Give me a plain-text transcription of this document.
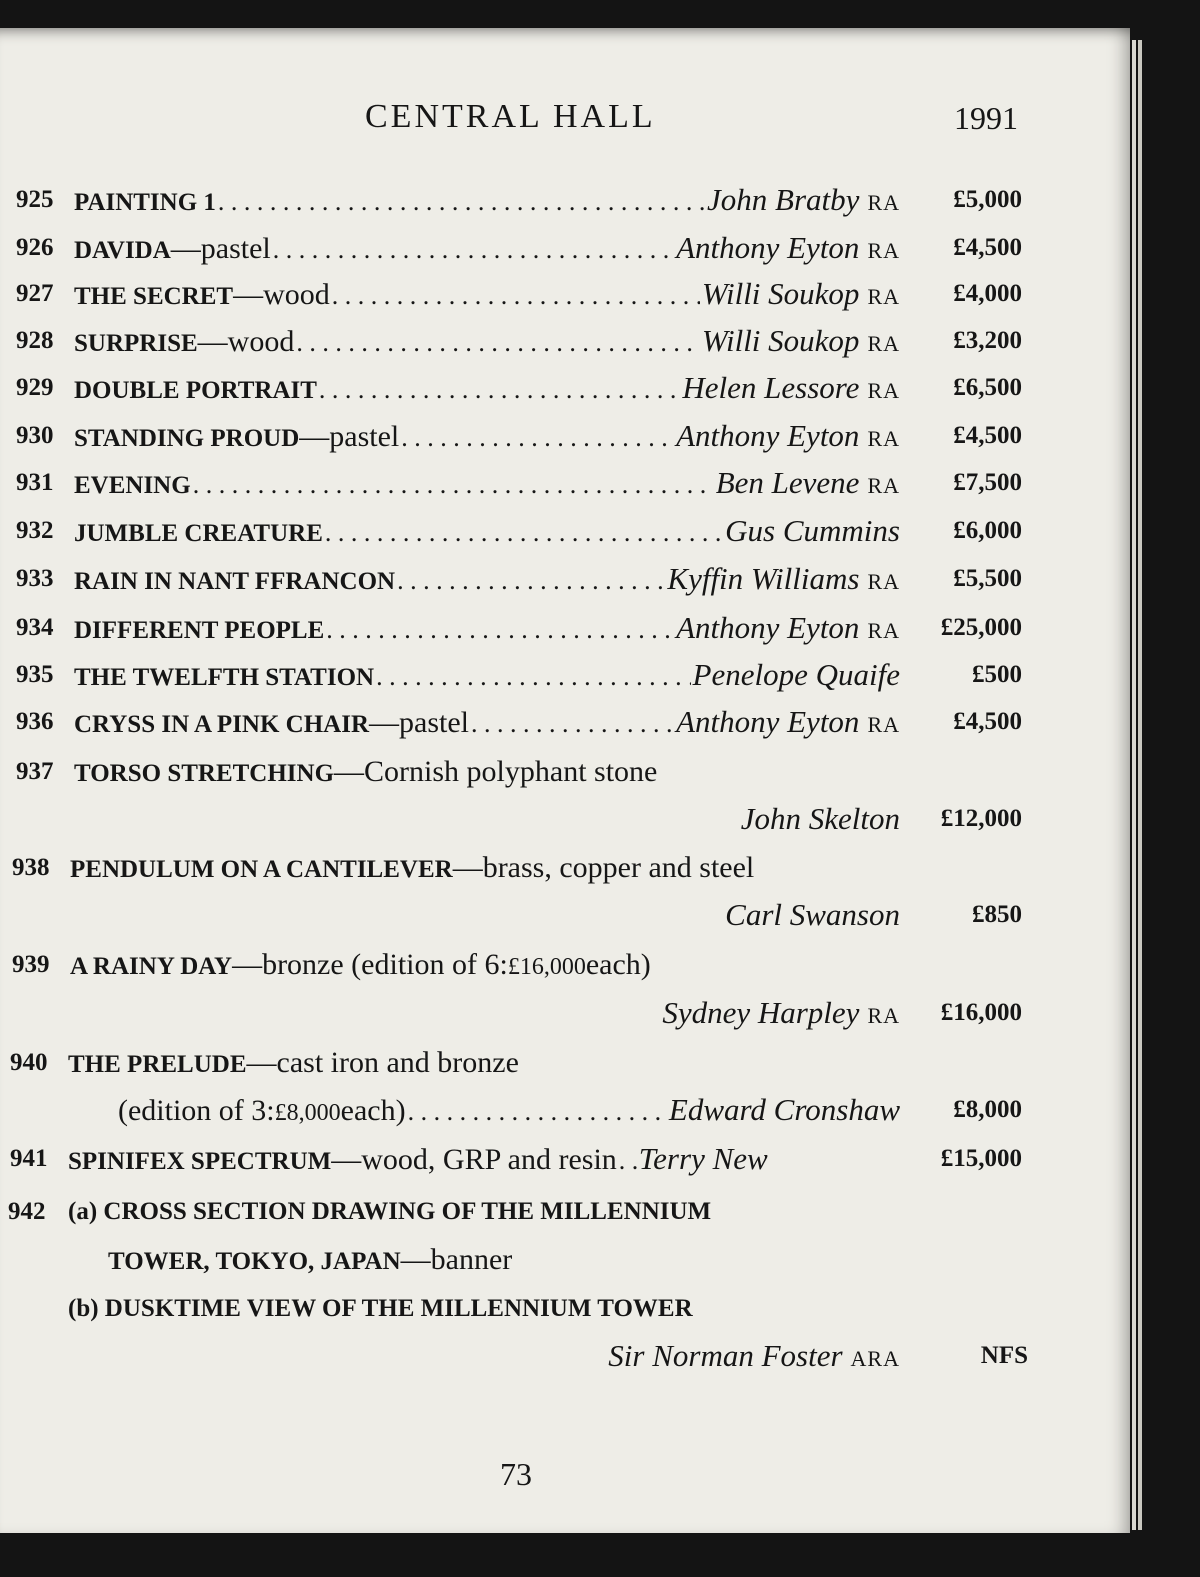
CENTRAL HALL	1991
925 PAINTING 1 . . .	John Bratby RA £5,000
926 DAVIDA —pastel . . .	Anthony Eyton RA £4,500
927 THE SECRET —wood . . .	Willi Soukop RA £4,000
928 SURPRISE —wood . . .	Willi Soukop RA £3,200
929 DOUBLE PORTRAIT . . .	Helen Lessore RA £6,500
930 STANDING PROUD —pastel . . .	Anthony Eyton RA £4,500
931 EVENING . . .	Ben Levene RA £7,500
932 JUMBLE CREATURE . . .	Gus Cummins £6,000
933 RAIN IN NANT FFRANCON . . .	Kyffin Williams RA £5,500
934 DIFFERENT PEOPLE . . .	Anthony Eyton RA £25,000
935 THE TWELFTH STATION . . .	Penelope Quaife	£500
936 CRYSS IN A PINK CHAIR —pastel . . .	Anthony Eyton RA £4,500
937 TORSO STRETCHING —Cornish polyphant stone
John Skelton £12,000
938 PENDULUM ON A CANTILEVER —brass, copper and steel
Carl Swanson	£850
939 A RAINY DAY —bronze (edition of 6: £16,000 each)
Sydney Harpley RA £16,000
940 THE PRELUDE —cast iron and bronze
(edition of 3: £8,000 each) . . .	Edward Cronshaw £8,000
941 SPINIFEX SPECTRUM —wood, GRP and resin . . . Terry New	£15,000
942 (a) CROSS SECTION DRAWING OF THE MILLENNIUM
TOWER, TOKYO, JAPAN —banner
(b) DUSKTIME VIEW OF THE MILLENNIUM TOWER
Sir Norman Foster ARA	NFS
73
